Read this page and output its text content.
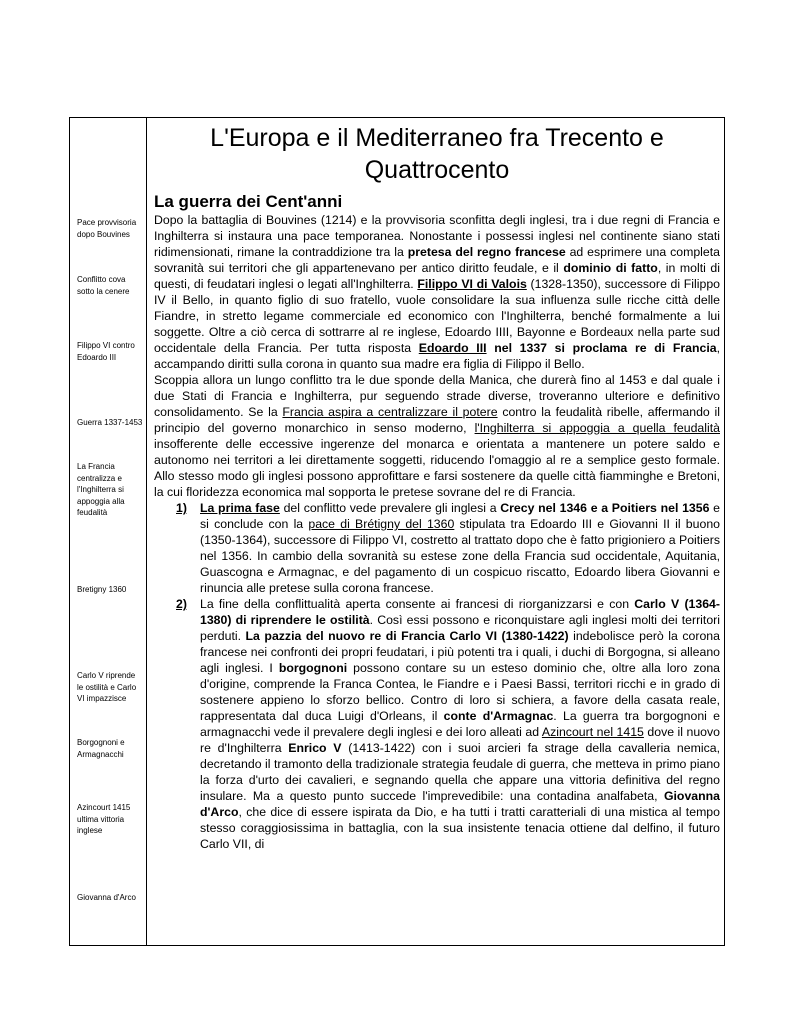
Pace provvisoria dopo Bouvines
Conflitto cova sotto la cenere
Filippo VI contro Edoardo III
Guerra 1337-1453
La Francia centralizza e l'Inghilterra si appoggia alla feudalità
Bretigny 1360
Carlo V riprende le ostilità e Carlo VI impazzisce
Borgognoni e Armagnacchi
Azincourt 1415 ultima vittoria inglese
Giovanna d'Arco
L'Europa e il Mediterraneo fra Trecento e Quattrocento
La guerra dei Cent'anni

Dopo la battaglia di Bouvines (1214) e la provvisoria sconfitta degli inglesi, tra i due regni di Francia e Inghilterra si instaura una pace temporanea. Nonostante i possessi inglesi nel continente siano stati ridimensionati, rimane la contraddizione tra la pretesa del regno francese ad esprimere una completa sovranità sui territori che gli appartenevano per antico diritto feudale, e il dominio di fatto, in molti di questi, di feudatari inglesi o legati all'Inghilterra. Filippo VI di Valois (1328-1350), successore di Filippo IV il Bello, in quanto figlio di suo fratello, vuole consolidare la sua influenza sulle ricche città delle Fiandre, in stretto legame commerciale ed economico con l'Inghilterra, benché formalmente a lui soggette. Oltre a ciò cerca di sottrarre al re inglese, Edoardo IIII, Bayonne e Bordeaux nella parte sud occidentale della Francia. Per tutta risposta Edoardo III nel 1337 si proclama re di Francia, accampando diritti sulla corona in quanto sua madre era figlia di Filippo il Bello.

Scoppia allora un lungo conflitto tra le due sponde della Manica, che durerà fino al 1453 e dal quale i due Stati di Francia e Inghilterra, pur seguendo strade diverse, troveranno ulteriore e definitivo consolidamento. Se la Francia aspira a centralizzare il potere contro la feudalità ribelle, affermando il principio del governo monarchico in senso moderno, l'Inghilterra si appoggia a quella feudalità insofferente delle eccessive ingerenze del monarca e orientata a mantenere un potere saldo e autonomo nei territori a lei direttamente soggetti, riducendo l'omaggio al re a semplice gesto formale. Allo stesso modo gli inglesi possono approfittare e farsi sostenere da quelle città fiamminghe e Bretoni, la cui floridezza economica mal sopporta le pretese sovrane del re di Francia.

1) La prima fase del conflitto vede prevalere gli inglesi a Crecy nel 1346 e a Poitiers nel 1356 e si conclude con la pace di Brétigny del 1360 stipulata tra Edoardo III e Giovanni II il buono (1350-1364), successore di Filippo VI, costretto al trattato dopo che è fatto prigioniero a Poitiers nel 1356. In cambio della sovranità su estese zone della Francia sud occidentale, Aquitania, Guascogna e Armagnac, e del pagamento di un cospicuo riscatto, Edoardo libera Giovanni e rinuncia alle pretese sulla corona francese.

2) La fine della conflittualità aperta consente ai francesi di riorganizzarsi e con Carlo V (1364-1380) di riprendere le ostilità. Così essi possono e riconquistare agli inglesi molti dei territori perduti. La pazzia del nuovo re di Francia Carlo VI (1380-1422) indebolisce però la corona francese nei confronti dei propri feudatari, i più potenti tra i quali, i duchi di Borgogna, si alleano agli inglesi. I borgognoni possono contare su un esteso dominio che, oltre alla loro zona d'origine, comprende la Franca Contea, le Fiandre e i Paesi Bassi, territori ricchi e in grado di sostenere appieno lo sforzo bellico. Contro di loro si schiera, a favore della casata reale, rappresentata dal duca Luigi d'Orleans, il conte d'Armagnac. La guerra tra borgognoni e armagnacchi vede il prevalere degli inglesi e dei loro alleati ad Azincourt nel 1415 dove il nuovo re d'Inghilterra Enrico V (1413-1422) con i suoi arcieri fa strage della cavalleria nemica, decretando il tramonto della tradizionale strategia feudale di guerra, che metteva in primo piano la forza d'urto dei cavalieri, e segnando quella che appare una vittoria definitiva del regno insulare. Ma a questo punto succede l'imprevedibile: una contadina analfabeta, Giovanna d'Arco, che dice di essere ispirata da Dio, e ha tutti i tratti caratteriali di una mistica al tempo stesso coraggiosissima in battaglia, con la sua insistente tenacia ottiene dal delfino, il futuro Carlo VII, di
